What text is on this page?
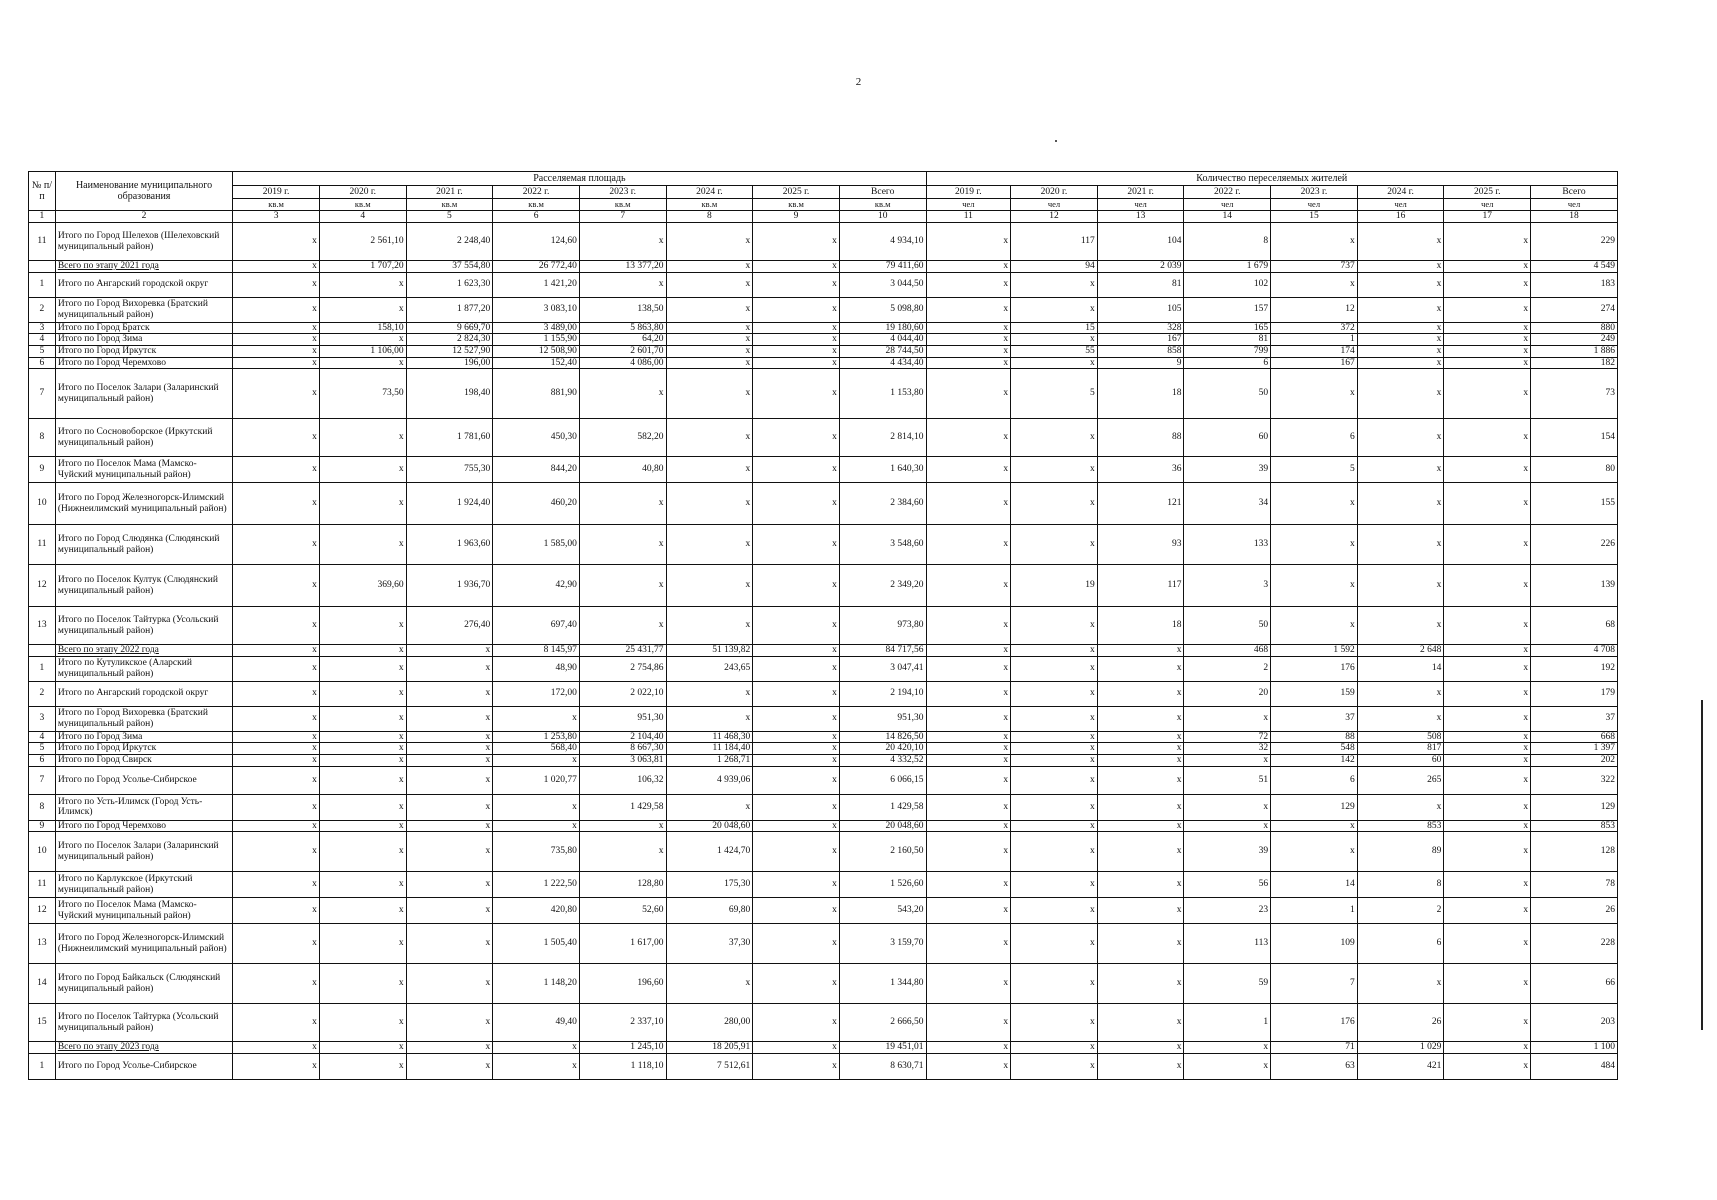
2
№ п/п	Наименование муниципального образования	Расселяемая площадь								Количество переселяемых жителей							
		2019 г.	2020 г.	2021 г.	2022 г.	2023 г.	2024 г.	2025 г.	Всего	2019 г.	2020 г.	2021 г.	2022 г.	2023 г.	2024 г.	2025 г.	Всего
		кв.м	кв.м	кв.м	кв.м	кв.м	кв.м	кв.м	кв.м	чел	чел	чел	чел	чел	чел	чел	чел
1	2	3	4	5	6	7	8	9	10	11	12	13	14	15	16	17	18
11	Итого по Город Шелехов (Шелеховский муниципальный район)	x	2 561,10	2 248,40	124,60	x	x	x	4 934,10	x	117	104	8	x	x	x	229
	Всего по этапу 2021 года	x	1 707,20	37 554,80	26 772,40	13 377,20	x	x	79 411,60	x	94	2 039	1 679	737	x	x	4 549
1	Итого по Ангарский городской округ	x	x	1 623,30	1 421,20	x	x	x	3 044,50	x	x	81	102	x	x	x	183
2	Итого по Город Вихоревка (Братский муниципальный район)	x	x	1 877,20	3 083,10	138,50	x	x	5 098,80	x	x	105	157	12	x	x	274
3	Итого по Город Братск	x	158,10	9 669,70	3 489,00	5 863,80	x	x	19 180,60	x	15	328	165	372	x	x	880
4	Итого по Город Зима	x	x	2 824,30	1 155,90	64,20	x	x	4 044,40	x	x	167	81	1	x	x	249
5	Итого по Город Иркутск	x	1 106,00	12 527,90	12 508,90	2 601,70	x	x	28 744,50	x	55	858	799	174	x	x	1 886
6	Итого по Город Черемхово	x	x	196,00	152,40	4 086,00	x	x	4 434,40	x	x	9	6	167	x	x	182
7	Итого по Поселок Залари (Заларинский муниципальный район)	x	73,50	198,40	881,90	x	x	x	1 153,80	x	5	18	50	x	x	x	73
8	Итого по Сосновоборское (Иркутский муниципальный район)	x	x	1 781,60	450,30	582,20	x	x	2 814,10	x	x	88	60	6	x	x	154
9	Итого по Поселок Мама (Мамско-Чуйский муниципальный район)	x	x	755,30	844,20	40,80	x	x	1 640,30	x	x	36	39	5	x	x	80
10	Итого по Город Железногорск-Илимский (Нижнеилимский муниципальный район)	x	x	1 924,40	460,20	x	x	x	2 384,60	x	x	121	34	x	x	x	155
11	Итого по Город Слюдянка (Слюдянский муниципальный район)	x	x	1 963,60	1 585,00	x	x	x	3 548,60	x	x	93	133	x	x	x	226
12	Итого по Поселок Култук (Слюдянский муниципальный район)	x	369,60	1 936,70	42,90	x	x	x	2 349,20	x	19	117	3	x	x	x	139
13	Итого по Поселок Тайтурка (Усольский муниципальный район)	x	x	276,40	697,40	x	x	x	973,80	x	x	18	50	x	x	x	68
	Всего по этапу 2022 года	x	x	x	8 145,97	25 431,77	51 139,82	x	84 717,56	x	x	x	468	1 592	2 648	x	4 708
1	Итого по Кутуликское (Аларский муниципальный район)	x	x	x	48,90	2 754,86	243,65	x	3 047,41	x	x	x	2	176	14	x	192
2	Итого по Ангарский городской округ	x	x	x	172,00	2 022,10	x	x	2 194,10	x	x	x	20	159	x	x	179
3	Итого по Город Вихоревка (Братский муниципальный район)	x	x	x	x	951,30	x	x	951,30	x	x	x	x	37	x	x	37
4	Итого по Город Зима	x	x	x	1 253,80	2 104,40	11 468,30	x	14 826,50	x	x	x	72	88	508	x	668
5	Итого по Город Иркутск	x	x	x	568,40	8 667,30	11 184,40	x	20 420,10	x	x	x	32	548	817	x	1 397
6	Итого по Город Свирск	x	x	x	x	3 063,81	1 268,71	x	4 332,52	x	x	x	x	142	60	x	202
7	Итого по Город Усолье-Сибирское	x	x	x	1 020,77	106,32	4 939,06	x	6 066,15	x	x	x	51	6	265	x	322
8	Итого по Усть-Илимск (Город Усть-Илимск)	x	x	x	x	1 429,58	x	x	1 429,58	x	x	x	x	129	x	x	129
9	Итого по Город Черемхово	x	x	x	x	x	20 048,60	x	20 048,60	x	x	x	x	x	853	x	853
10	Итого по Поселок Залари (Заларинский муниципальный район)	x	x	x	735,80	x	1 424,70	x	2 160,50	x	x	x	39	x	89	x	128
11	Итого по Карлукское (Иркутский муниципальный район)	x	x	x	1 222,50	128,80	175,30	x	1 526,60	x	x	x	56	14	8	x	78
12	Итого по Поселок Мама (Мамско-Чуйский муниципальный район)	x	x	x	420,80	52,60	69,80	x	543,20	x	x	x	23	1	2	x	26
13	Итого по Город Железногорск-Илимский (Нижнеилимский муниципальный район)	x	x	x	1 505,40	1 617,00	37,30	x	3 159,70	x	x	x	113	109	6	x	228
14	Итого по Город Байкальск (Слюдянский муниципальный район)	x	x	x	1 148,20	196,60	x	x	1 344,80	x	x	x	59	7	x	x	66
15	Итого по Поселок Тайтурка (Усольский муниципальный район)	x	x	x	49,40	2 337,10	280,00	x	2 666,50	x	x	x	1	176	26	x	203
	Всего по этапу 2023 года	x	x	x	x	1 245,10	18 205,91	x	19 451,01	x	x	x	x	71	1 029	x	1 100
1	Итого по Город Усолье-Сибирское	x	x	x	x	1 118,10	7 512,61	x	8 630,71	x	x	x	x	63	421	x	484
